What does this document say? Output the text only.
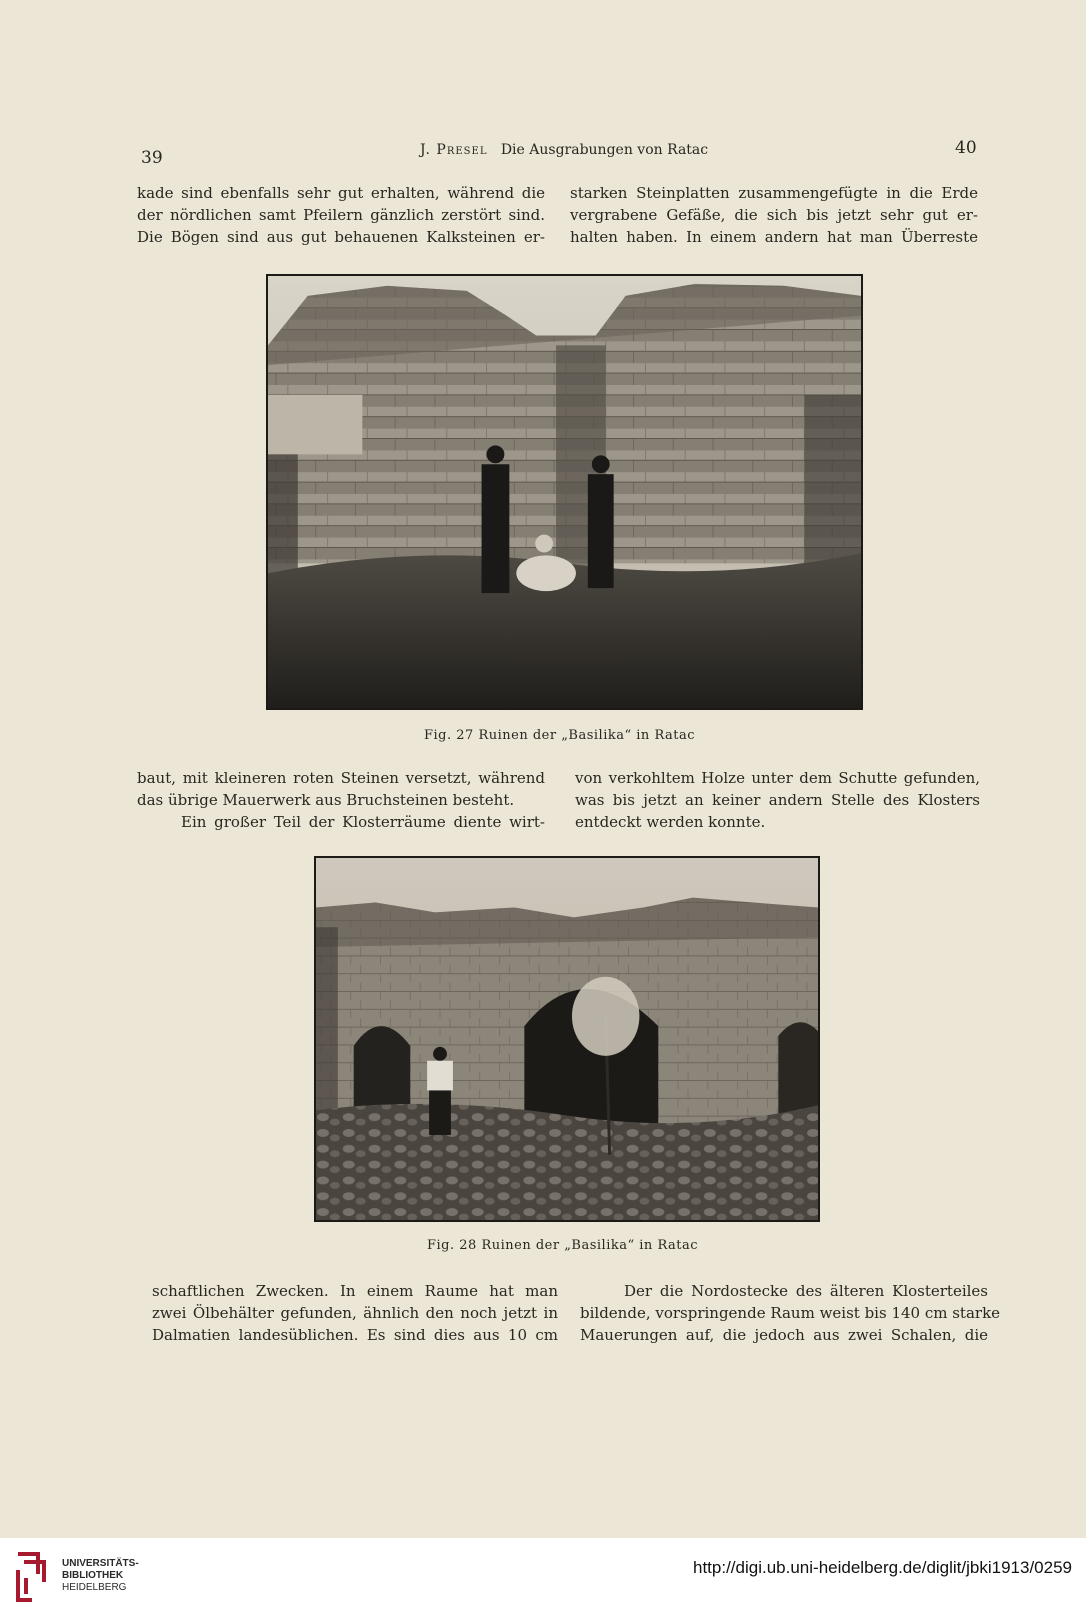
39	J. Presel Die Ausgrabungen von Ratac	40
kade sind ebenfalls sehr gut erhalten, während die
der nördlichen samt Pfeilern gänzlich zerstört sind.
Die Bögen sind aus gut behauenen Kalksteinen er-
starken Steinplatten zusammengefügte in die Erde
vergrabene Gefäße, die sich bis jetzt sehr gut er-
halten haben. In einem andern hat man Überreste
Fig. 27 Ruinen der „Basilika“ in Ratac
baut, mit kleineren roten Steinen versetzt, während
das übrige Mauerwerk aus Bruchsteinen besteht.
Ein großer Teil der Klosterräume diente wirt-
von verkohltem Holze unter dem Schutte gefunden,
was bis jetzt an keiner andern Stelle des Klosters
entdeckt werden konnte.
Fig. 28 Ruinen der „Basilika“ in Ratac
schaftlichen Zwecken. In einem Raume hat man
zwei Ölbehälter gefunden, ähnlich den noch jetzt in
Dalmatien landesüblichen. Es sind dies aus 10 cm
Der die Nordostecke des älteren Klosterteiles
bildende, vorspringende Raum weist bis 140 cm starke
Mauerungen auf, die jedoch aus zwei Schalen, die
UNIVERSITÄTS-
BIBLIOTHEK
HEIDELBERG
http://digi.ub.uni-heidelberg.de/diglit/jbki1913/0259
